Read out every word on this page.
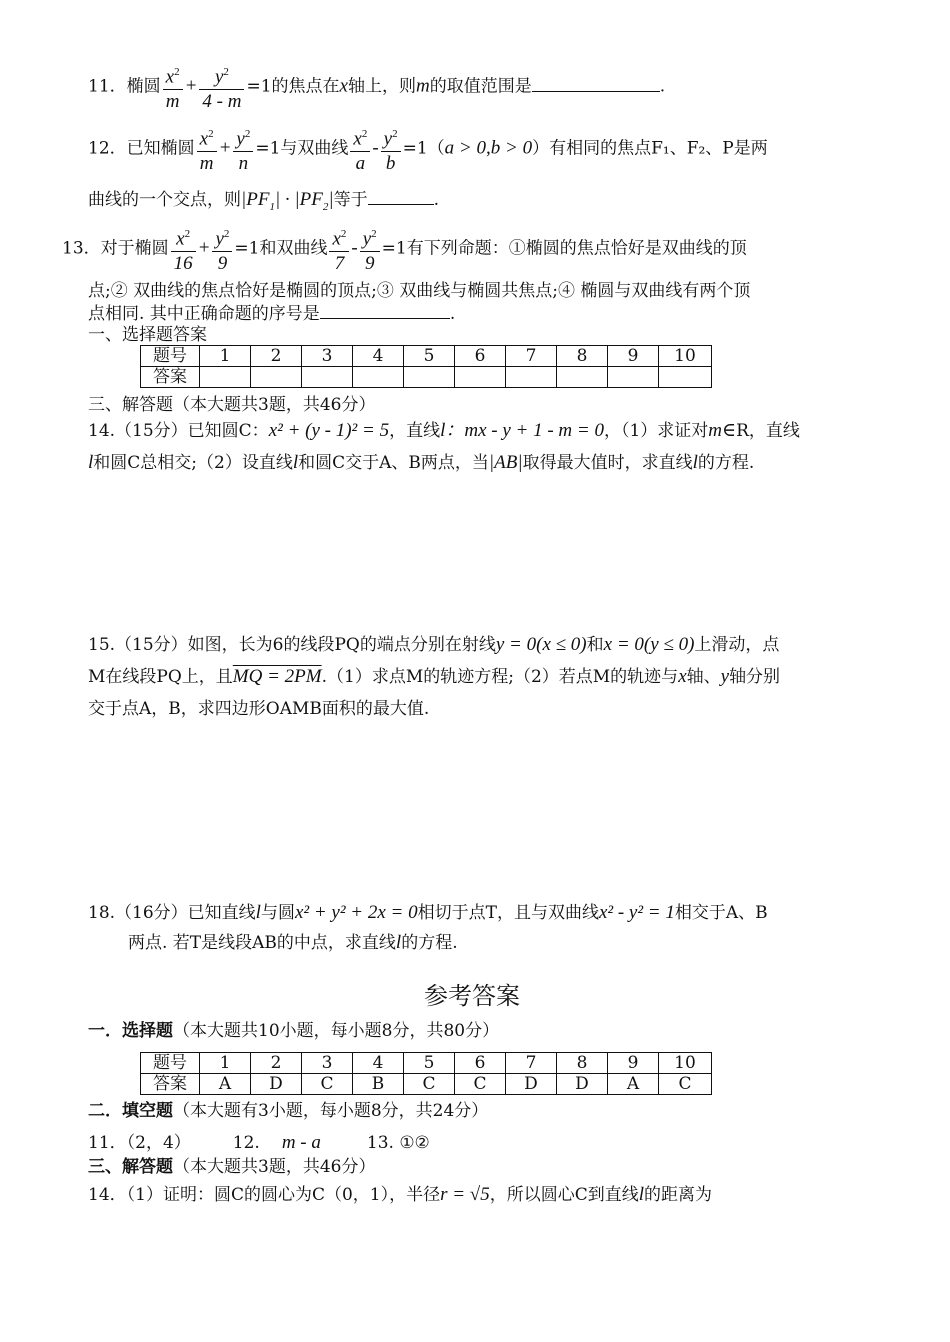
11．椭圆 $\frac{x^2}{m} + \frac{y^2}{4 - m} =1$的焦点在x轴上，则m的取值范围是	.
12．已知椭圆 $\frac{x^2}{m} + \frac{y^2}{n} =1$与双曲线 $\frac{x^2}{a} - \frac{y^2}{b} =1(a > 0,b > 0)$有相同的焦点F₁、F₂、P是两
曲线的一个交点，则$|PF_1| \cdot |PF_2|$等于	.
13．对于椭圆 $\frac{x^2}{16} + \frac{y^2}{9} =1$和双曲线 $\frac{x^2}{7} - \frac{y^2}{9} =1$有下列命题：①椭圆的焦点恰好是双曲线的顶
点;② 双曲线的焦点恰好是椭圆的顶点;③ 双曲线与椭圆共焦点;④ 椭圆与双曲线有两个顶
点相同. 其中正确命题的序号是	.
一、选择题答案
题号	1	2	3	4	5	6	7	8	9	10
答案										
三、解答题（本大题共3题，共46分）
14.（15分）已知圆C：x² + (y - 1)² = 5，直线l：mx - y + 1 - m = 0，（1）求证对m∈R，直线
l和圆C总相交;（2）设直线l和圆C交于A、B两点，当|AB|取得最大值时，求直线l的方程.
15.（15分）如图，长为6的线段PQ的端点分别在射线y = 0(x ≤ 0)和x = 0(y ≤ 0)上滑动，点
M在线段PQ上，且MQ = 2PM.（1）求点M的轨迹方程;（2）若点M的轨迹与x轴、y轴分别
交于点A，B，求四边形OAMB面积的最大值.
18.（16分）已知直线l与圆x² + y² + 2x = 0相切于点T，且与双曲线x² - y² = 1相交于A、B
两点. 若T是线段AB的中点，求直线l的方程.
参考答案
一．选择题（本大题共10小题，每小题8分，共80分）
题号	1	2	3	4	5	6	7	8	9	10
答案	A	D	C	B	C	C	D	D	A	C
二．填空题（本大题有3小题，每小题8分，共24分）
11．（2，4） 12. m - a	13. ①②
三、解答题（本大题共3题，共46分）
14．（1）证明：圆C的圆心为C（0，1），半径r = √5，所以圆心C到直线l的距离为
